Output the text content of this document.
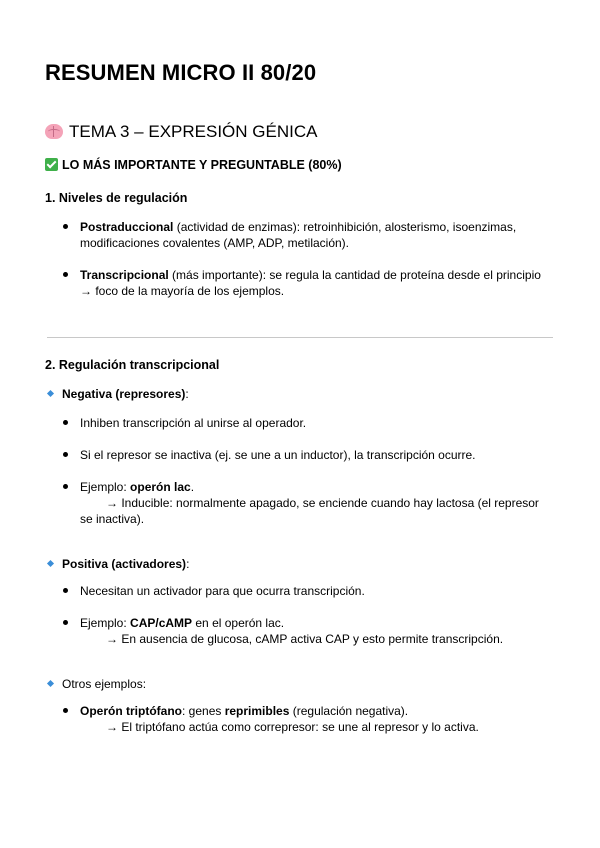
RESUMEN MICRO II 80/20
TEMA 3 – EXPRESIÓN GÉNICA
LO MÁS IMPORTANTE Y PREGUNTABLE (80%)
1. Niveles de regulación
Postraduccional (actividad de enzimas): retroinhibición, alosterismo, isoenzimas,
modificaciones covalentes (AMP, ADP, metilación).
Transcripcional (más importante): se regula la cantidad de proteína desde el principio
→ foco de la mayoría de los ejemplos.
2. Regulación transcripcional
Negativa (represores):
Inhiben transcripción al unirse al operador.
Si el represor se inactiva (ej. se une a un inductor), la transcripción ocurre.
Ejemplo: operón lac.
→ Inducible: normalmente apagado, se enciende cuando hay lactosa (el represor
se inactiva).
Positiva (activadores):
Necesitan un activador para que ocurra transcripción.
Ejemplo: CAP/cAMP en el operón lac.
→ En ausencia de glucosa, cAMP activa CAP y esto permite transcripción.
Otros ejemplos:
Operón triptófano: genes reprimibles (regulación negativa).
→ El triptófano actúa como correpresor: se une al represor y lo activa.
